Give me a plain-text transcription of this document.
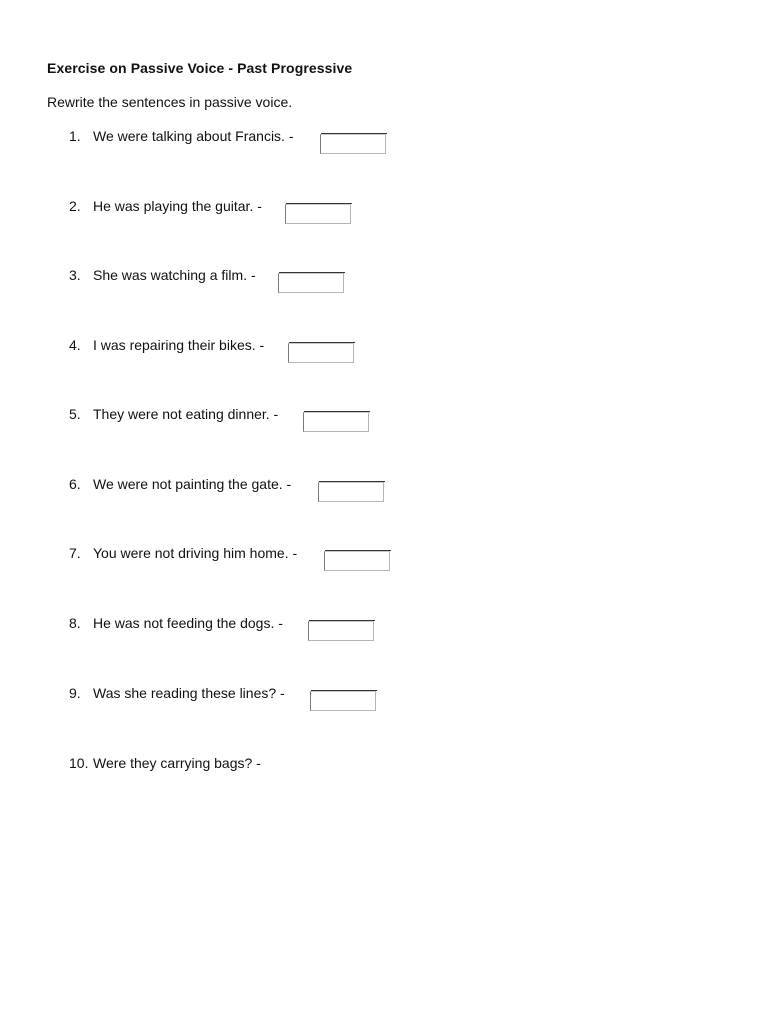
Exercise on Passive Voice - Past Progressive
Rewrite the sentences in passive voice.
1. We were talking about Francis. -
2. He was playing the guitar. -
3. She was watching a film. -
4. I was repairing their bikes. -
5. They were not eating dinner. -
6. We were not painting the gate. -
7. You were not driving him home. -
8. He was not feeding the dogs. -
9. Was she reading these lines? -
10. Were they carrying bags? -
